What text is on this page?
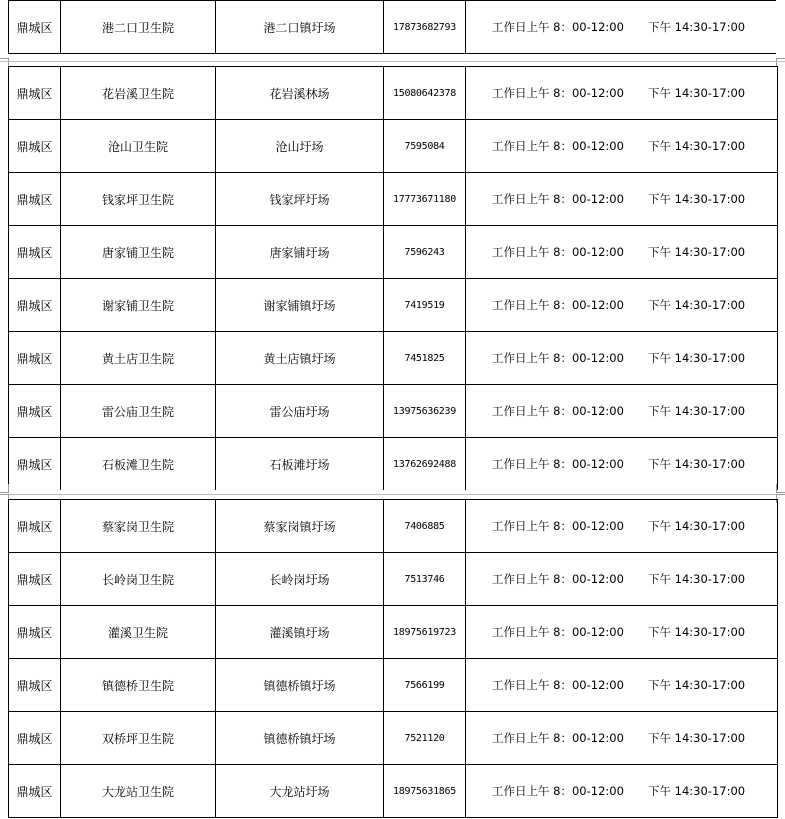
鼎城区	港二口卫生院	港二口镇圩场	17873682793	工作日上午 8：00-12:00 下午 14:30-17:00
鼎城区	花岩溪卫生院	花岩溪林场	15080642378	工作日上午 8：00-12:00 下午 14:30-17:00
鼎城区	沧山卫生院	沧山圩场	7595084	工作日上午 8：00-12:00 下午 14:30-17:00
鼎城区	钱家坪卫生院	钱家坪圩场	17773671180	工作日上午 8：00-12:00 下午 14:30-17:00
鼎城区	唐家铺卫生院	唐家铺圩场	7596243	工作日上午 8：00-12:00 下午 14:30-17:00
鼎城区	谢家铺卫生院	谢家铺镇圩场	7419519	工作日上午 8：00-12:00 下午 14:30-17:00
鼎城区	黄土店卫生院	黄土店镇圩场	7451825	工作日上午 8：00-12:00 下午 14:30-17:00
鼎城区	雷公庙卫生院	雷公庙圩场	13975636239	工作日上午 8：00-12:00 下午 14:30-17:00
鼎城区	石板滩卫生院	石板滩圩场	13762692488	工作日上午 8：00-12:00 下午 14:30-17:00
鼎城区	蔡家岗卫生院	蔡家岗镇圩场	7406885	工作日上午 8：00-12:00 下午 14:30-17:00
鼎城区	长岭岗卫生院	长岭岗圩场	7513746	工作日上午 8：00-12:00 下午 14:30-17:00
鼎城区	灌溪卫生院	灌溪镇圩场	18975619723	工作日上午 8：00-12:00 下午 14:30-17:00
鼎城区	镇德桥卫生院	镇德桥镇圩场	7566199	工作日上午 8：00-12:00 下午 14:30-17:00
鼎城区	双桥坪卫生院	镇德桥镇圩场	7521120	工作日上午 8：00-12:00 下午 14:30-17:00
鼎城区	大龙站卫生院	大龙站圩场	18975631865	工作日上午 8：00-12:00 下午 14:30-17:00
